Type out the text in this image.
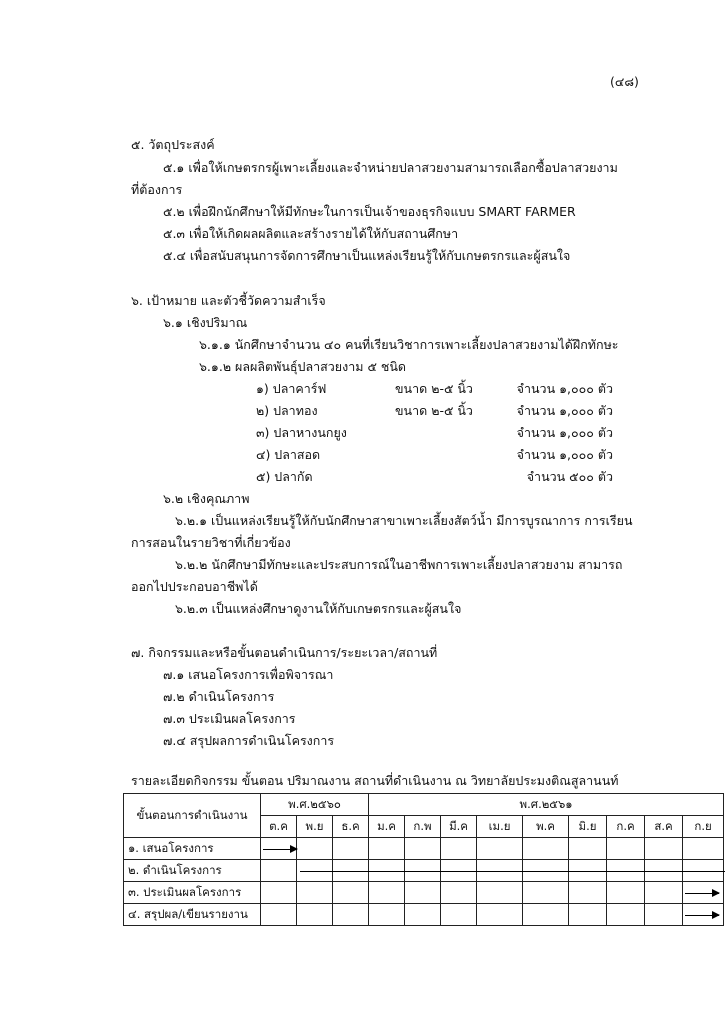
(๔๘)
๕. วัตถุประสงค์
๕.๑ เพื่อให้เกษตรกรผู้เพาะเลี้ยงและจำหน่ายปลาสวยงามสามารถเลือกซื้อปลาสวยงาม
ที่ต้องการ
๕.๒ เพื่อฝึกนักศึกษาให้มีทักษะในการเป็นเจ้าของธุรกิจแบบ SMART FARMER
๕.๓ เพื่อให้เกิดผลผลิตและสร้างรายได้ให้กับสถานศึกษา
๕.๔ เพื่อสนับสนุนการจัดการศึกษาเป็นแหล่งเรียนรู้ให้กับเกษตรกรและผู้สนใจ
๖. เป้าหมาย และตัวชี้วัดความสำเร็จ
๖.๑ เชิงปริมาณ
๖.๑.๑ นักศึกษาจำนวน ๔๐ คนที่เรียนวิชาการเพาะเลี้ยงปลาสวยงามได้ฝึกทักษะ
๖.๑.๒ ผลผลิตพันธุ์ปลาสวยงาม ๕ ชนิด
๑) ปลาคาร์ฟ	ขนาด ๒-๕ นิ้ว	จำนวน ๑,๐๐๐ ตัว
๒) ปลาทอง	ขนาด ๒-๕ นิ้ว	จำนวน ๑,๐๐๐ ตัว
๓) ปลาหางนกยูง	จำนวน ๑,๐๐๐ ตัว
๔) ปลาสอด	จำนวน ๑,๐๐๐ ตัว
๕) ปลากัด	จำนวน ๕๐๐ ตัว
๖.๒ เชิงคุณภาพ
๖.๒.๑ เป็นแหล่งเรียนรู้ให้กับนักศึกษาสาขาเพาะเลี้ยงสัตว์น้ำ มีการบูรณาการ การเรียน
การสอนในรายวิชาที่เกี่ยวข้อง
๖.๒.๒ นักศึกษามีทักษะและประสบการณ์ในอาชีพการเพาะเลี้ยงปลาสวยงาม สามารถ
ออกไปประกอบอาชีพได้
๖.๒.๓ เป็นแหล่งศึกษาดูงานให้กับเกษตรกรและผู้สนใจ
๗. กิจกรรมและหรือขั้นตอนดำเนินการ/ระยะเวลา/สถานที่
๗.๑ เสนอโครงการเพื่อพิจารณา
๗.๒ ดำเนินโครงการ
๗.๓ ประเมินผลโครงการ
๗.๔ สรุปผลการดำเนินโครงการ
รายละเอียดกิจกรรม ขั้นตอน ปริมาณงาน สถานที่ดำเนินงาน ณ วิทยาลัยประมงติณสูลานนท์
ขั้นตอนการดำเนินงาน	พ.ศ.๒๕๖๐			พ.ศ.๒๕๖๑								
	ต.ค	พ.ย	ธ.ค	ม.ค	ก.พ	มี.ค	เม.ย	พ.ค	มิ.ย	ก.ค	ส.ค	ก.ย
๑. เสนอโครงการ	

๒. ดำเนินโครงการ		

๓. ประเมินผลโครงการ												

๔. สรุปผล/เขียนรายงาน												
